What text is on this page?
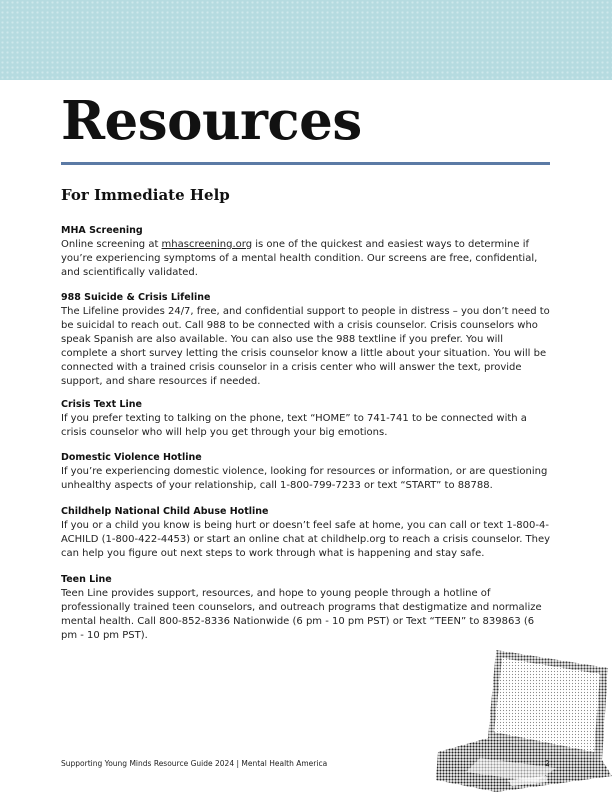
Resources
For Immediate Help
MHA Screening

Online screening at mhascreening.org is one of the quickest and easiest ways to determine if you’re experiencing symptoms of a mental health condition. Our screens are free, confidential, and scientifically validated.

988 Suicide & Crisis Lifeline

The Lifeline provides 24/7, free, and confidential support to people in distress – you don’t need to be suicidal to reach out. Call 988 to be connected with a crisis counselor. Crisis counselors who speak Spanish are also available. You can also use the 988 textline if you prefer. You will complete a short survey letting the crisis counselor know a little about your situation. You will be connected with a trained crisis counselor in a crisis center who will answer the text, provide support, and share resources if needed.

Crisis Text Line

If you prefer texting to talking on the phone, text “HOME” to 741-741 to be connected with a crisis counselor who will help you get through your big emotions.

Domestic Violence Hotline

If you’re experiencing domestic violence, looking for resources or information, or are questioning unhealthy aspects of your relationship, call 1-800-799-7233 or text “START” to 88788.

Childhelp National Child Abuse Hotline

If you or a child you know is being hurt or doesn’t feel safe at home, you can call or text 1-800-4-ACHILD (1-800-422-4453) or start an online chat at childhelp.org to reach a crisis counselor. They can help you figure out next steps to work through what is happening and stay safe.

Teen Line

Teen Line provides support, resources, and hope to young people through a hotline of professionally trained teen counselors, and outreach programs that destigmatize and normalize mental health. Call 800-852-8336 Nationwide (6 pm - 10 pm PST) or Text “TEEN” to 839863 (6 pm - 10 pm PST).

Supporting Young Minds Resource Guide 2024 | Mental Health America	2
